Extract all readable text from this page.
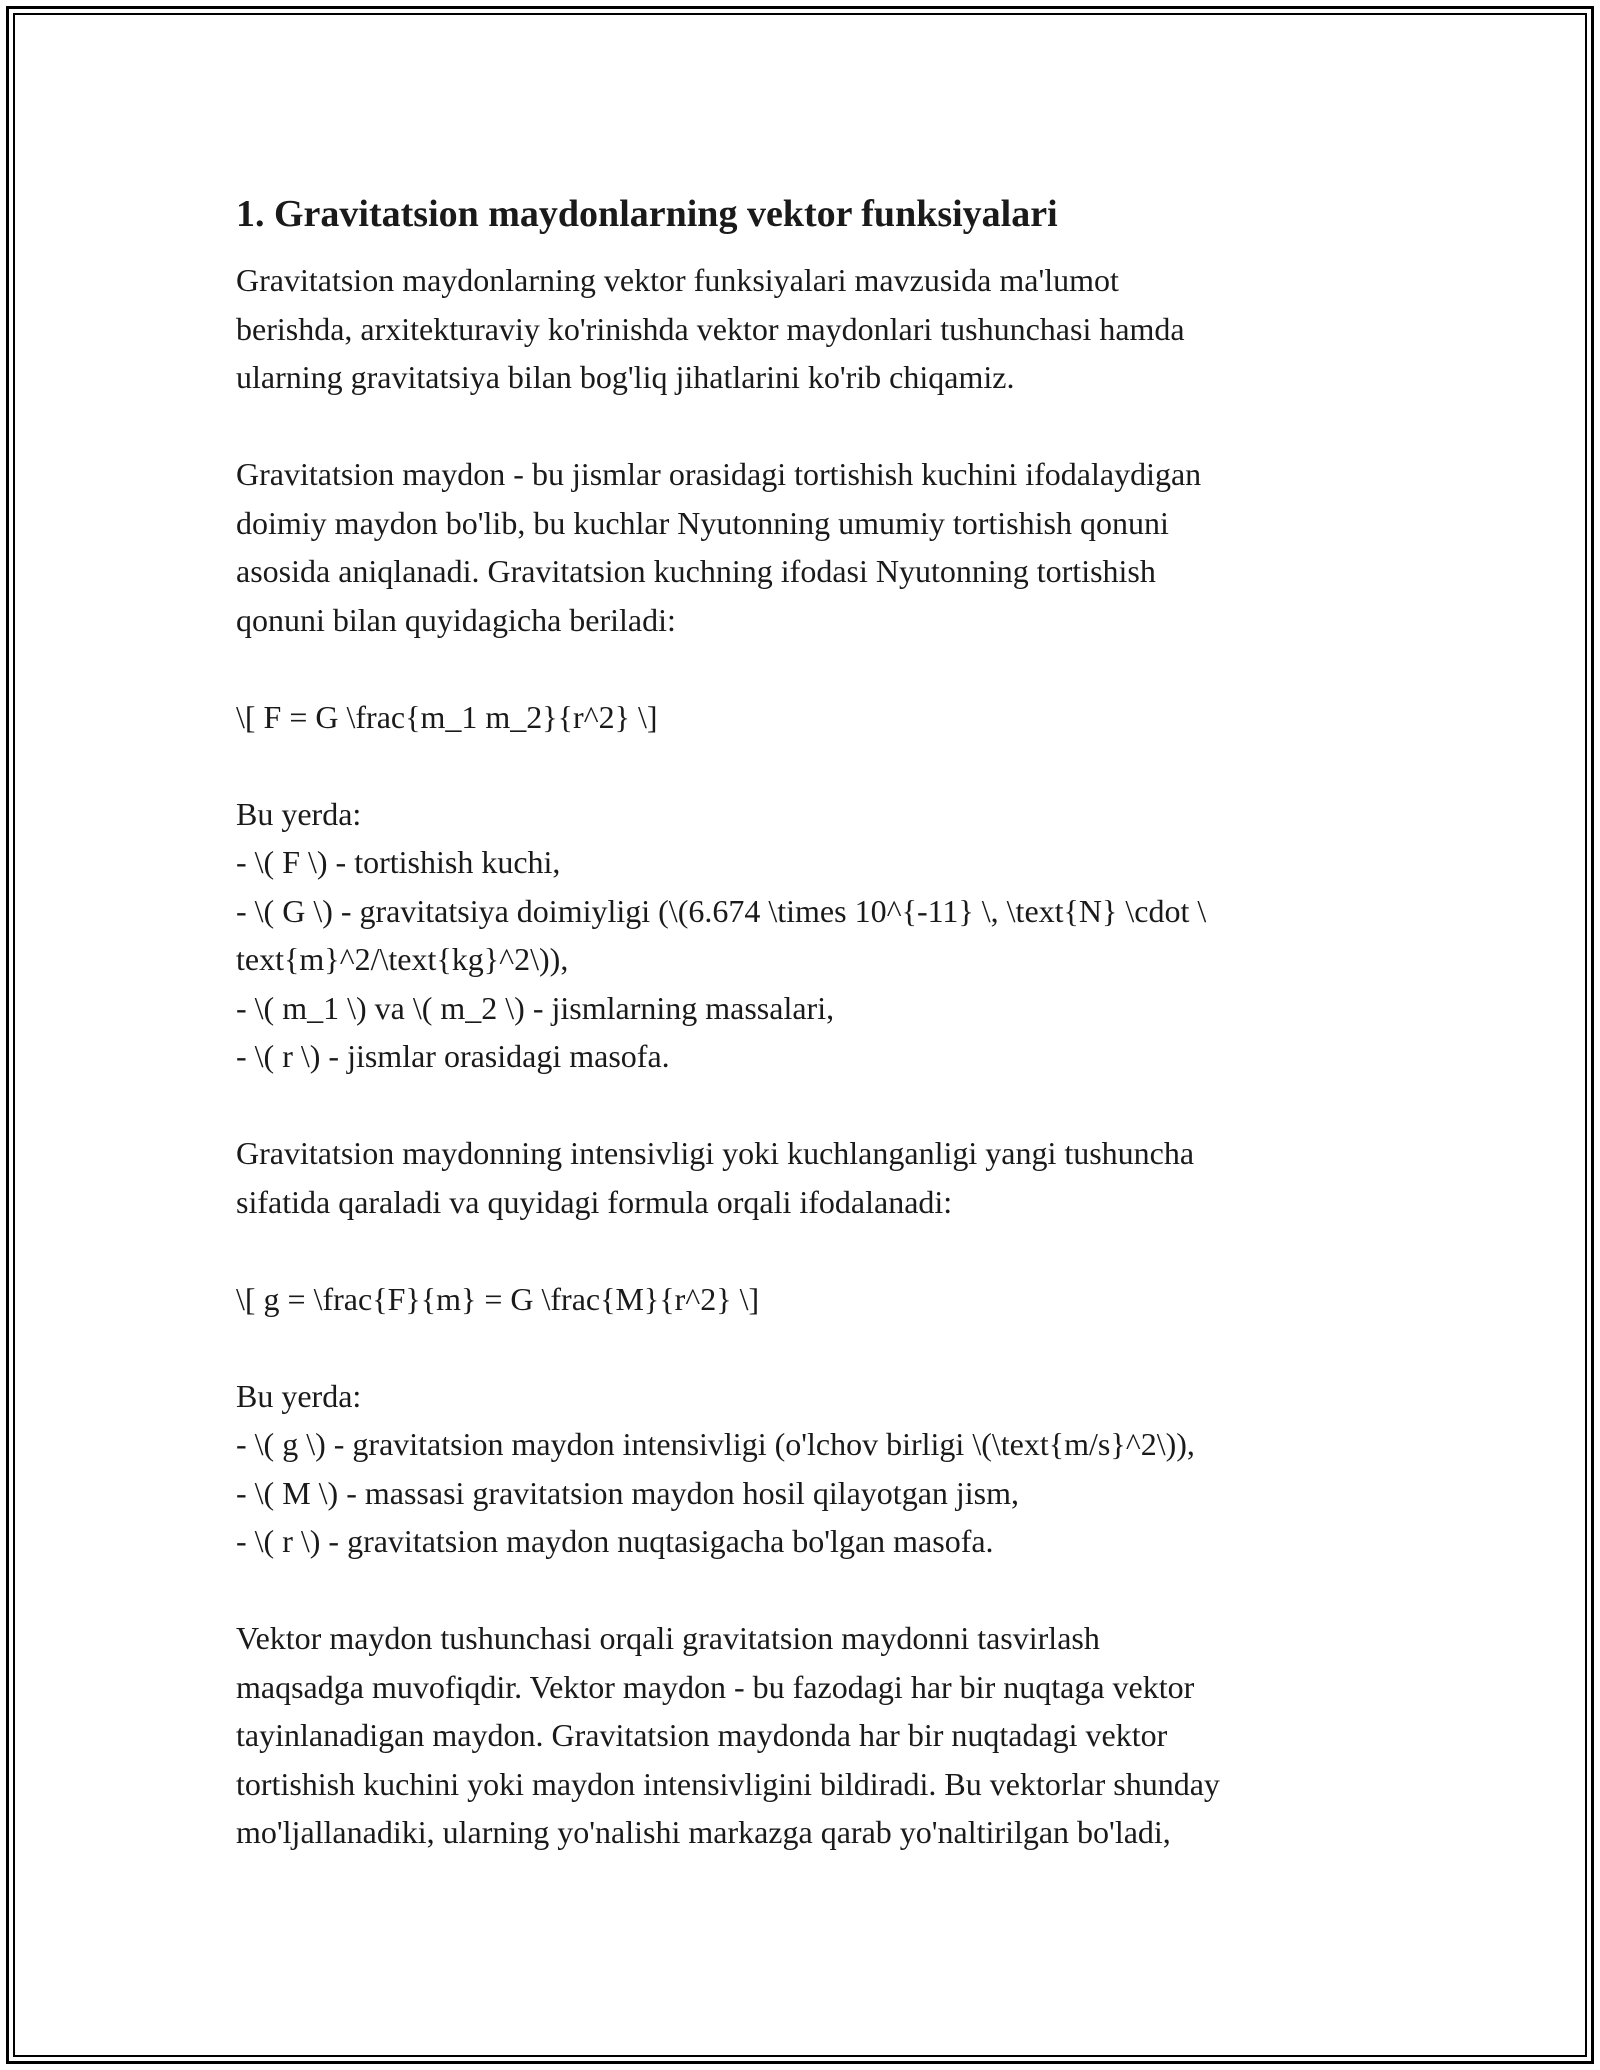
1. Gravitatsion maydonlarning vektor funksiyalari
Gravitatsion maydonlarning vektor funksiyalari mavzusida ma'lumot
berishda, arxitekturaviy ko'rinishda vektor maydonlari tushunchasi hamda
ularning gravitatsiya bilan bog'liq jihatlarini ko'rib chiqamiz.
Gravitatsion maydon - bu jismlar orasidagi tortishish kuchini ifodalaydigan
doimiy maydon bo'lib, bu kuchlar Nyutonning umumiy tortishish qonuni
asosida aniqlanadi. Gravitatsion kuchning ifodasi Nyutonning tortishish
qonuni bilan quyidagicha beriladi:
\[ F = G \frac{m_1 m_2}{r^2} \]
Bu yerda:
- \( F \) - tortishish kuchi,
- \( G \) - gravitatsiya doimiyligi (\(6.674 \times 10^{-11} \, \text{N} \cdot \
text{m}^2/\text{kg}^2\)),
- \( m_1 \) va \( m_2 \) - jismlarning massalari,
- \( r \) - jismlar orasidagi masofa.
Gravitatsion maydonning intensivligi yoki kuchlanganligi yangi tushuncha
sifatida qaraladi va quyidagi formula orqali ifodalanadi:
\[ g = \frac{F}{m} = G \frac{M}{r^2} \]
Bu yerda:
- \( g \) - gravitatsion maydon intensivligi (o'lchov birligi \(\text{m/s}^2\)),
- \( M \) - massasi gravitatsion maydon hosil qilayotgan jism,
- \( r \) - gravitatsion maydon nuqtasigacha bo'lgan masofa.
Vektor maydon tushunchasi orqali gravitatsion maydonni tasvirlash
maqsadga muvofiqdir. Vektor maydon - bu fazodagi har bir nuqtaga vektor
tayinlanadigan maydon. Gravitatsion maydonda har bir nuqtadagi vektor
tortishish kuchini yoki maydon intensivligini bildiradi. Bu vektorlar shunday
mo'ljallanadiki, ularning yo'nalishi markazga qarab yo'naltirilgan bo'ladi,
